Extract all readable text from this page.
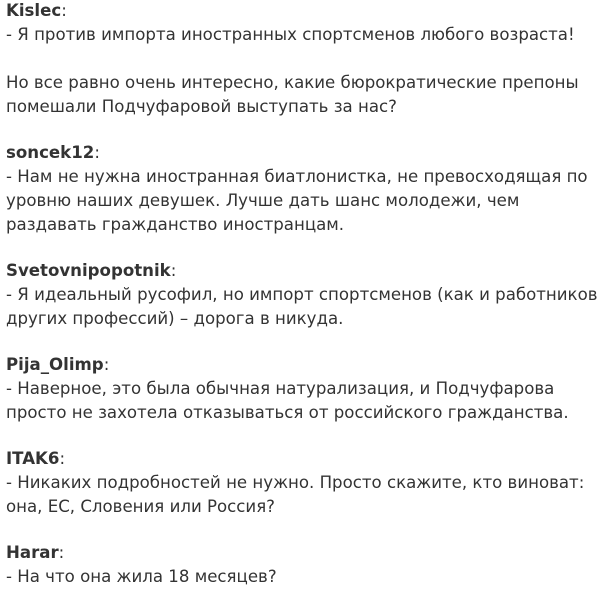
Kislec:

- Я против импорта иностранных спортсменов любого возраста!

Но все равно очень интересно, какие бюрократические препоны помешали Подчуфаровой выступать за нас?

soncek12:

- Нам не нужна иностранная биатлонистка, не превосходящая по уровню наших девушек. Лучше дать шанс молодежи, чем раздавать гражданство иностранцам.

Svetovnipopotnik:

- Я идеальный русофил, но импорт спортсменов (как и работников других профессий) – дорога в никуда.

Pija_Olimp:

- Наверное, это была обычная натурализация, и Подчуфарова просто не захотела отказываться от российского гражданства.

ITAK6:

- Никаких подробностей не нужно. Просто скажите, кто виноват: она, ЕС, Словения или Россия?

Harar:

- На что она жила 18 месяцев?
